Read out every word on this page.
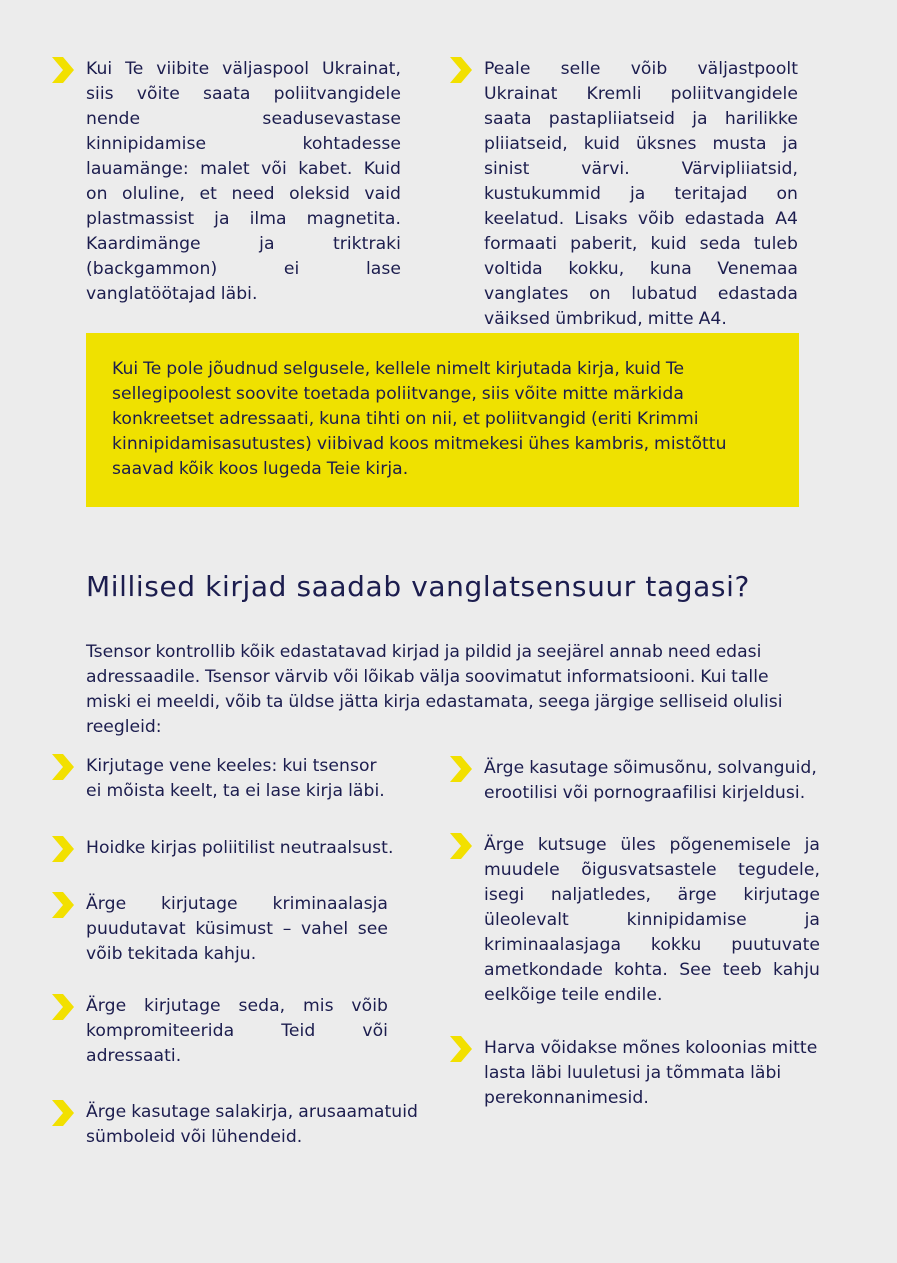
Kui Te viibite väljaspool Ukrainat, siis võite saata poliitvangidele nende seadusevastase kinnipidamise kohtadesse lauamänge: malet või kabet. Kuid on oluline, et need oleksid vaid plastmassist ja ilma magnetita. Kaardimänge ja triktraki (backgammon) ei lase vanglatöötajad läbi.
Peale selle võib väljastpoolt Ukrainat Kremli poliitvangidele saata pastapliiatseid ja harilikke pliiatseid, kuid üksnes musta ja sinist värvi. Värvipliiatsid, kustukummid ja teritajad on keelatud. Lisaks võib edastada A4 formaati paberit, kuid seda tuleb voltida kokku, kuna Venemaa vanglates on lubatud edastada väiksed ümbrikud, mitte A4.
Kui Te pole jõudnud selgusele, kellele nimelt kirjutada kirja, kuid Te sellegipoolest soovite toetada poliitvange, siis võite mitte märkida konkreetset adressaati, kuna tihti on nii, et poliitvangid (eriti Krimmi kinnipidamisasutustes) viibivad koos mitmekesi ühes kambris, mistõttu saavad kõik koos lugeda Teie kirja.
Millised kirjad saadab vanglatsensuur tagasi?
Tsensor kontrollib kõik edastatavad kirjad ja pildid ja seejärel annab need edasi adressaadile. Tsensor värvib või lõikab välja soovimatut informatsiooni. Kui talle miski ei meeldi, võib ta üldse jätta kirja edastamata, seega järgige selliseid olulisi reegleid:
Kirjutage vene keeles: kui tsensor ei mõista keelt, ta ei lase kirja läbi.
Hoidke kirjas poliitilist neutraalsust.
Ärge kirjutage kriminaalasja puudutavat küsimust – vahel see võib tekitada kahju.
Ärge kirjutage seda, mis võib kompromiteerida Teid või adressaati.
Ärge kasutage salakirja, arusaamatuid sümboleid või lühendeid.
Ärge kasutage sõimusõnu, solvanguid, erootilisi või pornograafilisi kirjeldusi.
Ärge kutsuge üles põgenemisele ja muudele õigusvatsastele tegudele, isegi naljatledes, ärge kirjutage üleolevalt kinnipidamise ja kriminaalasjaga kokku puutuvate ametkondade kohta. See teeb kahju eelkõige teile endile.
Harva võidakse mõnes koloonias mitte lasta läbi luuletusi ja tõmmata läbi perekonnanimesid.
